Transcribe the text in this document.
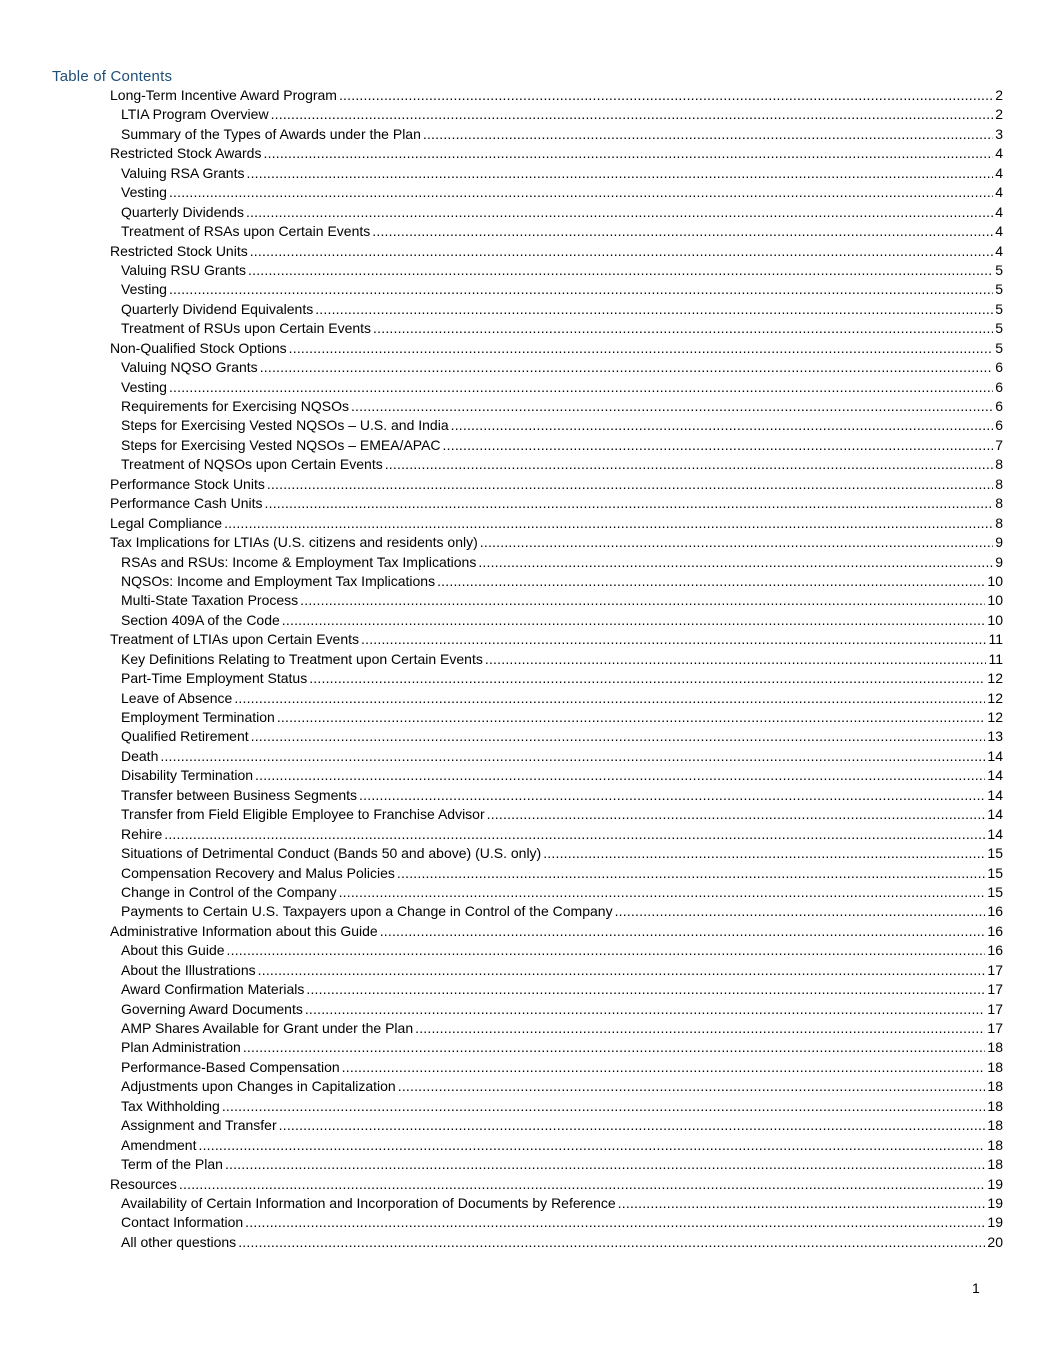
Table of Contents
Long-Term Incentive Award Program .....	2
LTIA Program Overview .....	2
Summary of the Types of Awards under the Plan .....	3
Restricted Stock Awards .....	4
Valuing RSA Grants .....	4
Vesting .....	4
Quarterly Dividends .....	4
Treatment of RSAs upon Certain Events .....	4
Restricted Stock Units .....	4
Valuing RSU Grants .....	5
Vesting .....	5
Quarterly Dividend Equivalents .....	5
Treatment of RSUs upon Certain Events .....	5
Non-Qualified Stock Options .....	5
Valuing NQSO Grants .....	6
Vesting .....	6
Requirements for Exercising NQSOs .....	6
Steps for Exercising Vested NQSOs – U.S. and India .....	6
Steps for Exercising Vested NQSOs – EMEA/APAC .....	7
Treatment of NQSOs upon Certain Events .....	8
Performance Stock Units .....	8
Performance Cash Units .....	8
Legal Compliance .....	8
Tax Implications for LTIAs (U.S. citizens and residents only) .....	9
RSAs and RSUs: Income & Employment Tax Implications .....	9
NQSOs: Income and Employment Tax Implications .....	10
Multi-State Taxation Process .....	10
Section 409A of the Code .....	10
Treatment of LTIAs upon Certain Events .....	11
Key Definitions Relating to Treatment upon Certain Events .....	11
Part-Time Employment Status .....	12
Leave of Absence .....	12
Employment Termination .....	12
Qualified Retirement .....	13
Death .....	14
Disability Termination .....	14
Transfer between Business Segments .....	14
Transfer from Field Eligible Employee to Franchise Advisor .....	14
Rehire .....	14
Situations of Detrimental Conduct (Bands 50 and above) (U.S. only) .....	15
Compensation Recovery and Malus Policies .....	15
Change in Control of the Company .....	15
Payments to Certain U.S. Taxpayers upon a Change in Control of the Company .....	16
Administrative Information about this Guide .....	16
About this Guide .....	16
About the Illustrations .....	17
Award Confirmation Materials .....	17
Governing Award Documents .....	17
AMP Shares Available for Grant under the Plan .....	17
Plan Administration .....	18
Performance-Based Compensation .....	18
Adjustments upon Changes in Capitalization .....	18
Tax Withholding .....	18
Assignment and Transfer .....	18
Amendment .....	18
Term of the Plan .....	18
Resources .....	19
Availability of Certain Information and Incorporation of Documents by Reference .....	19
Contact Information .....	19
All other questions .....	20
1
